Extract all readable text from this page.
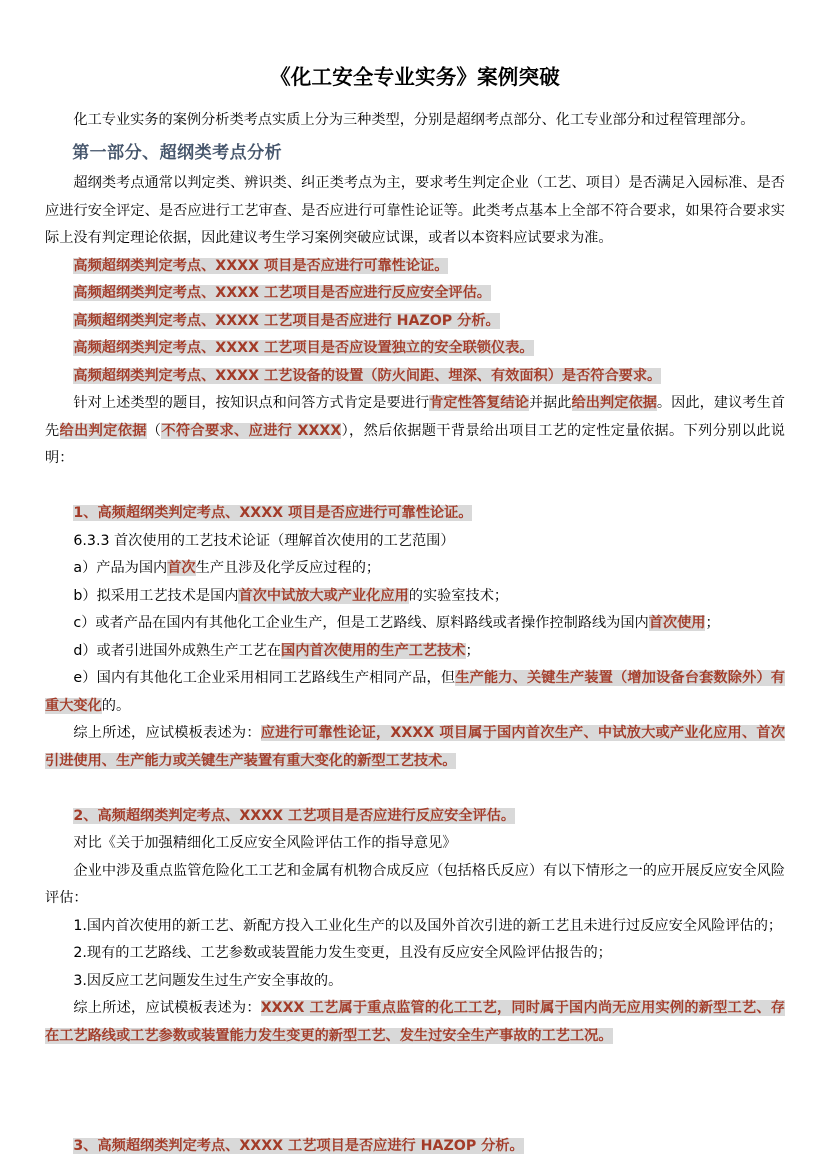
《化工安全专业实务》案例突破

化工专业实务的案例分析类考点实质上分为三种类型，分别是超纲考点部分、化工专业部分和过程管理部分。

第一部分、超纲类考点分析

超纲类考点通常以判定类、辨识类、纠正类考点为主，要求考生判定企业（工艺、项目）是否满足入园标准、是否应进行安全评定、是否应进行工艺审查、是否应进行可靠性论证等。此类考点基本上全部不符合要求，如果符合要求实际上没有判定理论依据，因此建议考生学习案例突破应试课，或者以本资料应试要求为准。

高频超纲类判定考点、XXXX 项目是否应进行可靠性论证。

高频超纲类判定考点、XXXX 工艺项目是否应进行反应安全评估。

高频超纲类判定考点、XXXX 工艺项目是否应进行 HAZOP 分析。

高频超纲类判定考点、XXXX 工艺项目是否应设置独立的安全联锁仪表。

高频超纲类判定考点、XXXX 工艺设备的设置（防火间距、埋深、有效面积）是否符合要求。

针对上述类型的题目，按知识点和问答方式肯定是要进行肯定性答复结论并据此给出判定依据。因此，建议考生首先给出判定依据（不符合要求、应进行 XXXX），然后依据题干背景给出项目工艺的定性定量依据。下列分别以此说明：

1、高频超纲类判定考点、XXXX 项目是否应进行可靠性论证。

6.3.3 首次使用的工艺技术论证（理解首次使用的工艺范围）

a）产品为国内首次生产且涉及化学反应过程的；

b）拟采用工艺技术是国内首次中试放大或产业化应用的实验室技术；

c）或者产品在国内有其他化工企业生产，但是工艺路线、原料路线或者操作控制路线为国内首次使用；

d）或者引进国外成熟生产工艺在国内首次使用的生产工艺技术；

e）国内有其他化工企业采用相同工艺路线生产相同产品，但生产能力、关键生产装置（增加设备台套数除外）有重大变化的。

综上所述，应试模板表述为：应进行可靠性论证，XXXX 项目属于国内首次生产、中试放大或产业化应用、首次引进使用、生产能力或关键生产装置有重大变化的新型工艺技术。

2、高频超纲类判定考点、XXXX 工艺项目是否应进行反应安全评估。

对比《关于加强精细化工反应安全风险评估工作的指导意见》

企业中涉及重点监管危险化工工艺和金属有机物合成反应（包括格氏反应）有以下情形之一的应开展反应安全风险评估：

1.国内首次使用的新工艺、新配方投入工业化生产的以及国外首次引进的新工艺且未进行过反应安全风险评估的；

2.现有的工艺路线、工艺参数或装置能力发生变更，且没有反应安全风险评估报告的；

3.因反应工艺问题发生过生产安全事故的。

综上所述，应试模板表述为：XXXX 工艺属于重点监管的化工工艺，同时属于国内尚无应用实例的新型工艺、存在工艺路线或工艺参数或装置能力发生变更的新型工艺、发生过安全生产事故的工艺工况。

3、高频超纲类判定考点、XXXX 工艺项目是否应进行 HAZOP 分析。
